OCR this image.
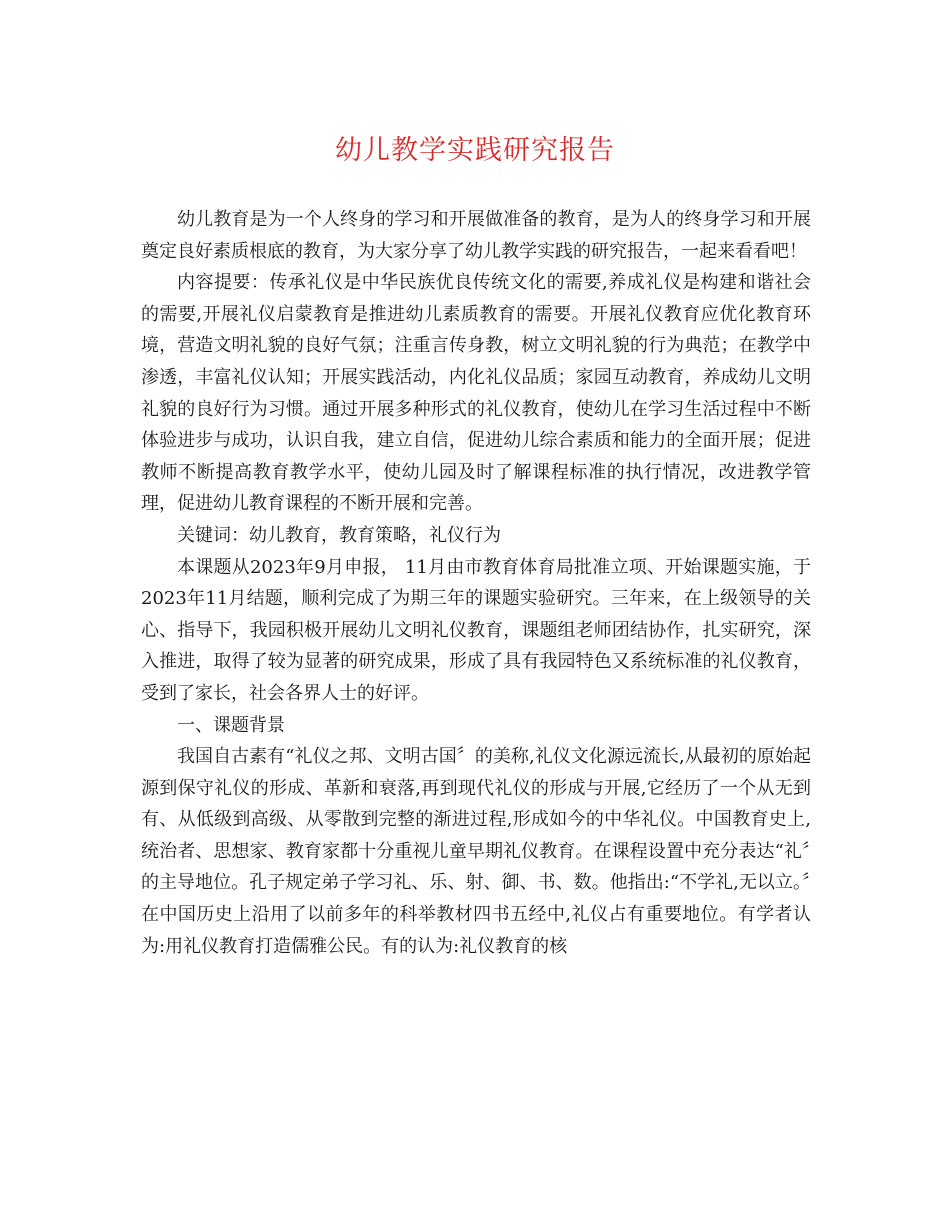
幼儿教学实践研究报告

幼儿教育是为一个人终身的学习和开展做准备的教育，是为人的终身学习和开展奠定良好素质根底的教育，为大家分享了幼儿教学实践的研究报告，一起来看看吧！

内容提要：传承礼仪是中华民族优良传统文化的需要,养成礼仪是构建和谐社会的需要,开展礼仪启蒙教育是推进幼儿素质教育的需要。开展礼仪教育应优化教育环境，营造文明礼貌的良好气氛；注重言传身教，树立文明礼貌的行为典范；在教学中渗透，丰富礼仪认知；开展实践活动，内化礼仪品质；家园互动教育，养成幼儿文明礼貌的良好行为习惯。通过开展多种形式的礼仪教育，使幼儿在学习生活过程中不断体验进步与成功，认识自我，建立自信，促进幼儿综合素质和能力的全面开展；促进教师不断提高教育教学水平，使幼儿园及时了解课程标准的执行情况，改进教学管理，促进幼儿教育课程的不断开展和完善。

关键词：幼儿教育，教育策略，礼仪行为

本课题从2023年9月申报， 11月由市教育体育局批准立项、开始课题实施，于2023年11月结题，顺利完成了为期三年的课题实验研究。三年来，在上级领导的关心、指导下，我园积极开展幼儿文明礼仪教育，课题组老师团结协作，扎实研究，深入推进，取得了较为显著的研究成果，形成了具有我园特色又系统标准的礼仪教育，受到了家长，社会各界人士的好评。

一、课题背景

我国自古素有“礼仪之邦、文明古国〞的美称,礼仪文化源远流长,从最初的原始起源到保守礼仪的形成、革新和衰落,再到现代礼仪的形成与开展,它经历了一个从无到有、从低级到高级、从零散到完整的渐进过程,形成如今的中华礼仪。中国教育史上,统治者、思想家、教育家都十分重视儿童早期礼仪教育。在课程设置中充分表达“礼〞的主导地位。孔子规定弟子学习礼、乐、射、御、书、数。他指出:“不学礼,无以立。〞在中国历史上沿用了以前多年的科举教材四书五经中,礼仪占有重要地位。有学者认为:用礼仪教育打造儒雅公民。有的认为:礼仪教育的核
